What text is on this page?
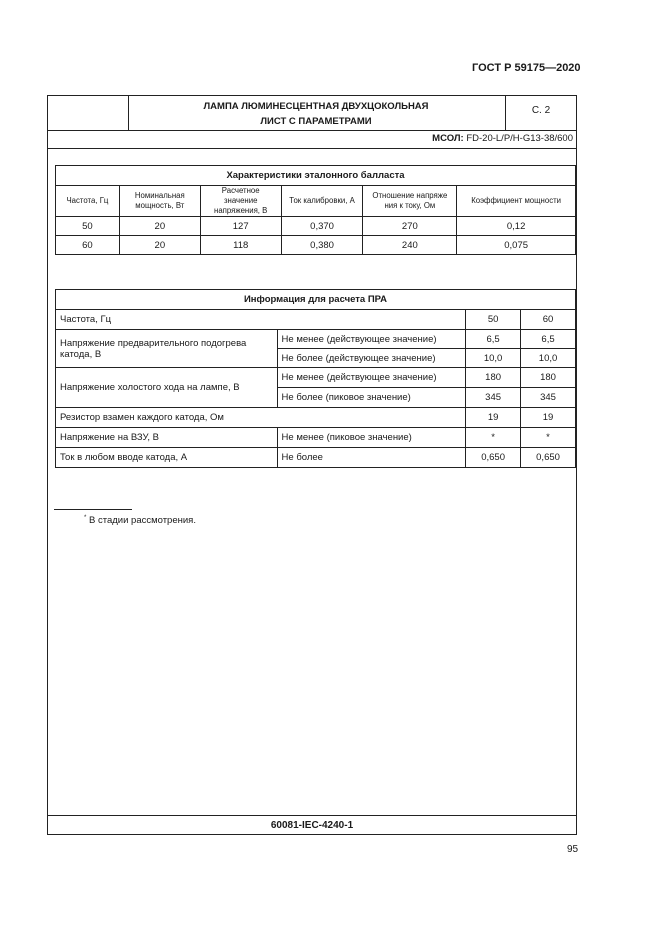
ГОСТ Р 59175—2020
ЛАМПА ЛЮМИНЕСЦЕНТНАЯ ДВУХЦОКОЛЬНАЯ
ЛИСТ С ПАРАМЕТРАМИ
С. 2
МСОЛ: FD-20-L/P/H-G13-38/600
60081-IEC-4240-1
Характеристики эталонного балласта					
Частота, Гц	Номинальная мощность, Вт	Расчетное значение напряжения, В	Ток калибровки, А	Отношение напряже ния к току, Ом	Коэффициент мощности
50	20	127	0,370	270	0,12
60	20	118	0,380	240	0,075
Информация для расчета ПРА			
Частота, Гц		50	60
Напряжение предварительного подогрева катода, В	Не менее (действующее значение)	6,5	6,5
	Не более (действующее значение)	10,0	10,0
Напряжение холостого хода на лампе, В	Не менее (действующее значение)	180	180
	Не более (пиковое значение)	345	345
Резистор взамен каждого катода, Ом		19	19
Напряжение на ВЗУ, В	Не менее (пиковое значение)	*	*
Ток в любом вводе катода, А	Не более	0,650	0,650
* В стадии рассмотрения.
95
